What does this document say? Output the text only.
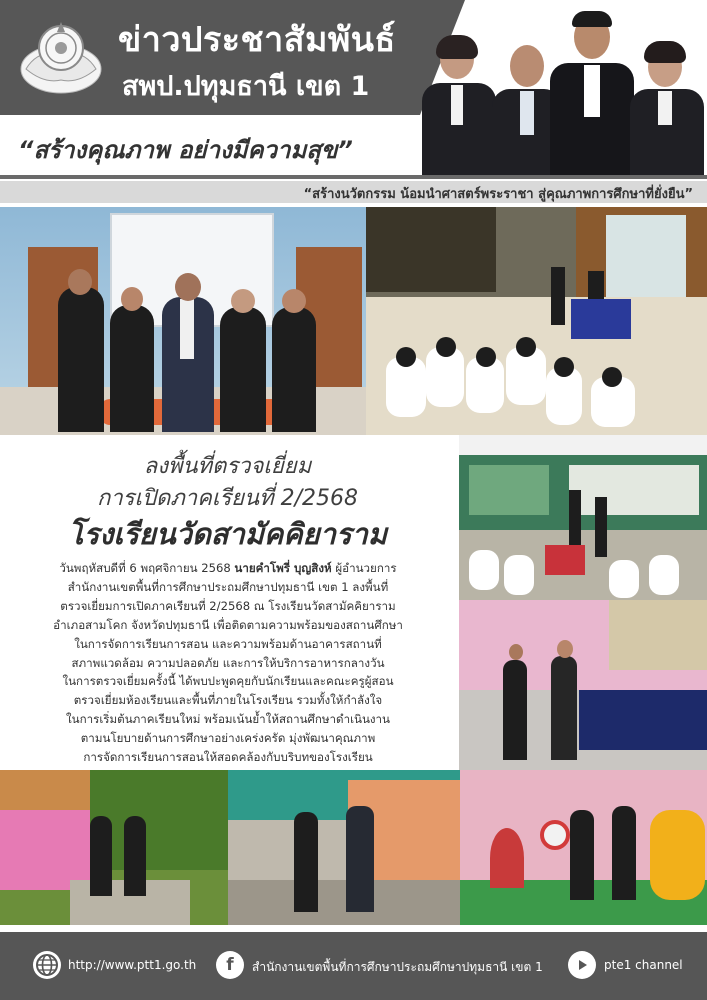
ข่าวประชาสัมพันธ์
สพป.ปทุมธานี เขต 1
“สร้างคุณภาพ อย่างมีความสุข”
“สร้างนวัตกรรม น้อมนำศาสตร์พระราชา สู่คุณภาพการศึกษาที่ยั่งยืน”
ลงพื้นที่ตรวจเยี่ยม
การเปิดภาคเรียนที่ 2/2568
โรงเรียนวัดสามัคคิยาราม
วันพฤหัสบดีที่ 6 พฤศจิกายน 2568 นายคำโพรี่ บุญสิงห์ ผู้อำนวยการ
สำนักงานเขตพื้นที่การศึกษาประถมศึกษาปทุมธานี เขต 1 ลงพื้นที่
ตรวจเยี่ยมการเปิดภาคเรียนที่ 2/2568 ณ โรงเรียนวัดสามัคคิยาราม
อำเภอสามโคก จังหวัดปทุมธานี เพื่อติดตามความพร้อมของสถานศึกษา
ในการจัดการเรียนการสอน และความพร้อมด้านอาคารสถานที่
สภาพแวดล้อม ความปลอดภัย และการให้บริการอาหารกลางวัน
ในการตรวจเยี่ยมครั้งนี้ ได้พบปะพูดคุยกับนักเรียนและคณะครูผู้สอน
ตรวจเยี่ยมห้องเรียนและพื้นที่ภายในโรงเรียน รวมทั้งให้กำลังใจ
ในการเริ่มต้นภาคเรียนใหม่ พร้อมเน้นย้ำให้สถานศึกษาดำเนินงาน
ตามนโยบายด้านการศึกษาอย่างเคร่งครัด มุ่งพัฒนาคุณภาพ
การจัดการเรียนการสอนให้สอดคล้องกับบริบทของโรงเรียน
http://www.ptt1.go.th	f	สำนักงานเขตพื้นที่การศึกษาประถมศึกษาปทุมธานี เขต 1	pte1 channel
